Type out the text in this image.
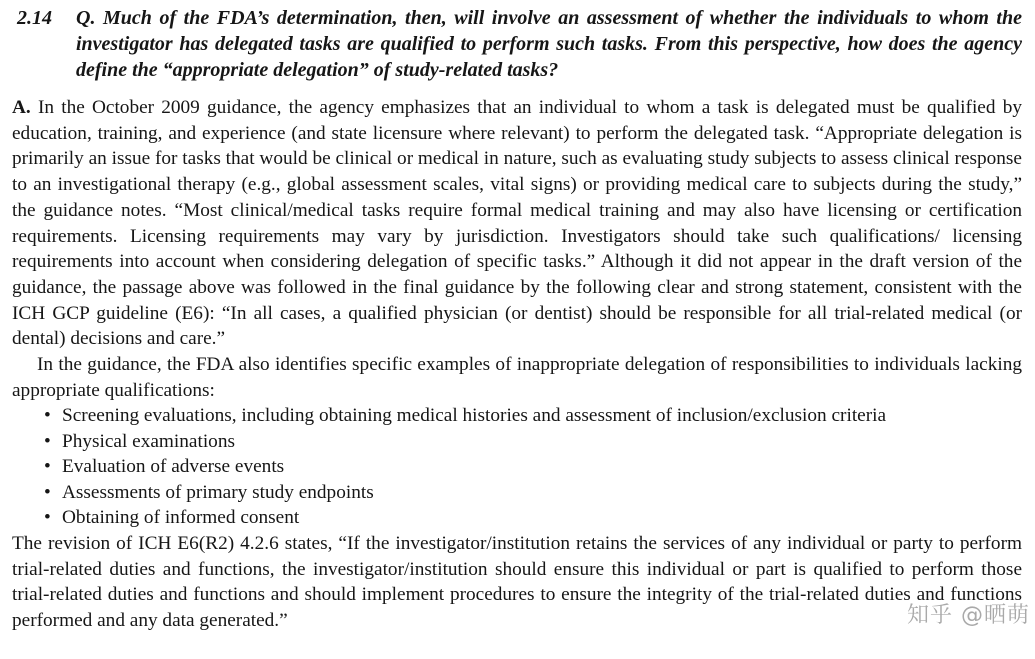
2.14	Q. Much of the FDA’s determination, then, will involve an assessment of whether the individuals to whom the investigator has delegated tasks are qualified to perform such tasks. From this perspective, how does the agency define the “appropriate delegation” of study-related tasks?

A. In the October 2009 guidance, the agency emphasizes that an individual to whom a task is delegated must be qualified by education, training, and experience (and state licensure where relevant) to perform the delegated task. “Appropriate delegation is primarily an issue for tasks that would be clinical or medical in nature, such as evaluating study subjects to assess clinical response to an investigational therapy (e.g., global assessment scales, vital signs) or providing medical care to subjects during the study,” the guidance notes. “Most clinical/medical tasks require formal medical training and may also have licensing or certification requirements. Licensing requirements may vary by jurisdiction. Investigators should take such qualifications/ licensing requirements into account when considering delegation of specific tasks.” Although it did not appear in the draft version of the guidance, the passage above was followed in the final guidance by the following clear and strong statement, consistent with the ICH GCP guideline (E6): “In all cases, a qualified physician (or dentist) should be responsible for all trial-related medical (or dental) decisions and care.”

In the guidance, the FDA also identifies specific examples of inappropriate delegation of responsibilities to individuals lacking appropriate qualifications:

• Screening evaluations, including obtaining medical histories and assessment of inclusion/exclusion criteria
• Physical examinations
• Evaluation of adverse events
• Assessments of primary study endpoints
• Obtaining of informed consent

The revision of ICH E6(R2) 4.2.6 states, “If the investigator/institution retains the services of any individual or party to perform trial-related duties and functions, the investigator/institution should ensure this individual or part is qualified to perform those trial-related duties and functions and should implement procedures to ensure the integrity of the trial-related duties and functions performed and any data generated.”	知乎 @晒萌
